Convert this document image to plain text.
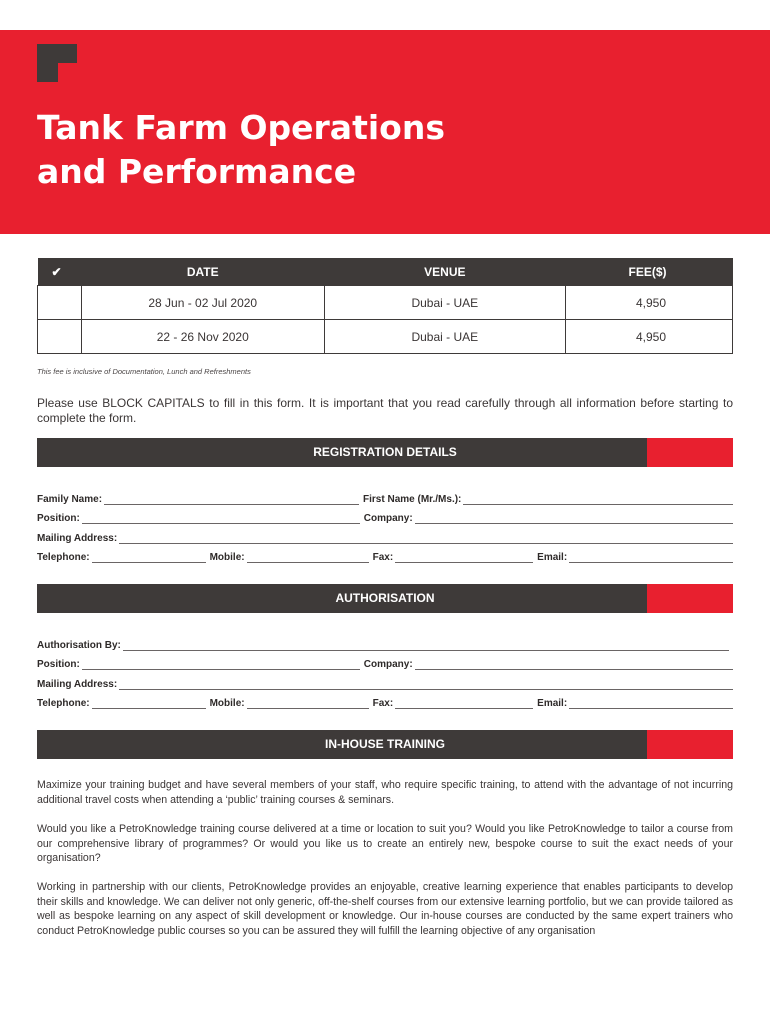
Tank Farm Operations
and Performance
✔	DATE	VENUE	FEE($)
	28 Jun - 02 Jul 2020	Dubai - UAE	4,950
	22 - 26 Nov 2020	Dubai - UAE	4,950
This fee is inclusive of Documentation, Lunch and Refreshments
Please use BLOCK CAPITALS to fill in this form. It is important that you read carefully through all information before starting to complete the form.
REGISTRATION DETAILS
Family Name:	First Name (Mr./Ms.):
Position:	Company:
Mailing Address:
Telephone:	Mobile:	Fax:	Email:
AUTHORISATION
Authorisation By:
Position:	Company:
Mailing Address:
Telephone:	Mobile:	Fax:	Email:
IN-HOUSE TRAINING

Maximize your training budget and have several members of your staff, who require specific training, to attend with the advantage of not incurring additional travel costs when attending a ‘public’ training courses & seminars.

Would you like a PetroKnowledge training course delivered at a time or location to suit you? Would you like PetroKnowledge to tailor a course from our comprehensive library of programmes? Or would you like us to create an entirely new, bespoke course to suit the exact needs of your organisation?

Working in partnership with our clients, PetroKnowledge provides an enjoyable, creative learning experience that enables participants to develop their skills and knowledge. We can deliver not only generic, off-the-shelf courses from our extensive learning portfolio, but we can provide tailored as well as bespoke learning on any aspect of skill development or knowledge. Our in-house courses are conducted by the same expert trainers who conduct PetroKnowledge public courses so you can be assured they will fulfill the learning objective of any organisation
